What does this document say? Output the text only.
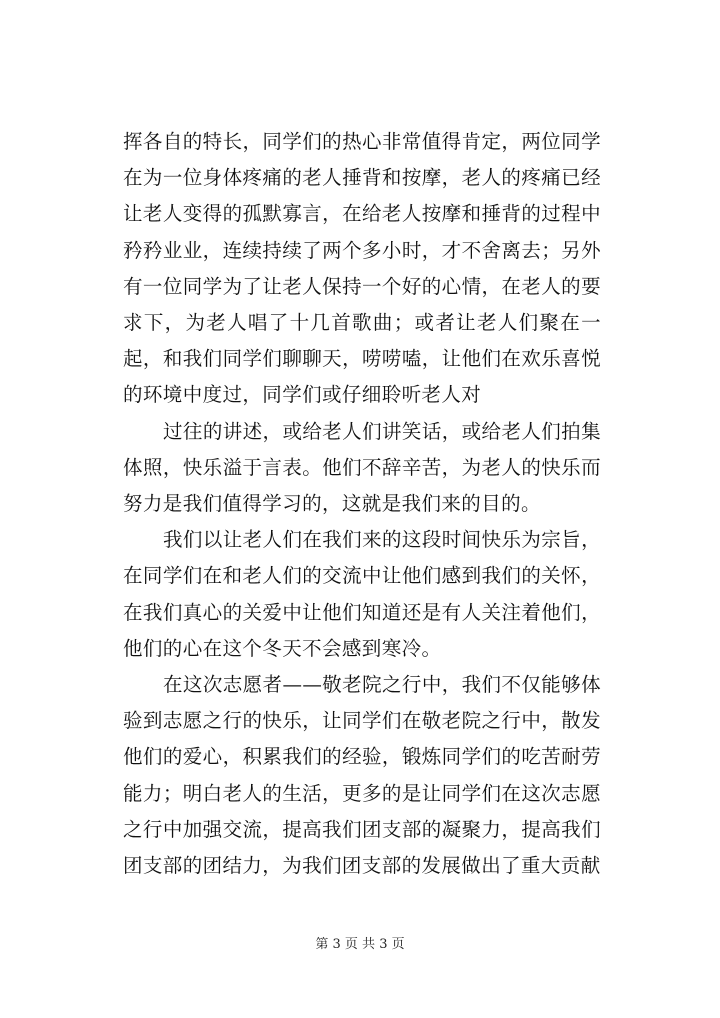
挥各自的特长，同学们的热心非常值得肯定，两位同学在为一位身体疼痛的老人捶背和按摩，老人的疼痛已经让老人变得的孤默寡言，在给老人按摩和捶背的过程中矜矜业业，连续持续了两个多小时，才不舍离去；另外有一位同学为了让老人保持一个好的心情，在老人的要求下，为老人唱了十几首歌曲；或者让老人们聚在一起，和我们同学们聊聊天，唠唠嗑，让他们在欢乐喜悦的环境中度过，同学们或仔细聆听老人对

过往的讲述，或给老人们讲笑话，或给老人们拍集体照，快乐溢于言表。他们不辞辛苦，为老人的快乐而努力是我们值得学习的，这就是我们来的目的。

我们以让老人们在我们来的这段时间快乐为宗旨，在同学们在和老人们的交流中让他们感到我们的关怀，在我们真心的关爱中让他们知道还是有人关注着他们，他们的心在这个冬天不会感到寒冷。

在这次志愿者——敬老院之行中，我们不仅能够体验到志愿之行的快乐，让同学们在敬老院之行中，散发他们的爱心，积累我们的经验，锻炼同学们的吃苦耐劳能力；明白老人的生活，更多的是让同学们在这次志愿之行中加强交流，提高我们团支部的凝聚力，提高我们团支部的团结力，为我们团支部的发展做出了重大贡献

第 3 页 共 3 页
